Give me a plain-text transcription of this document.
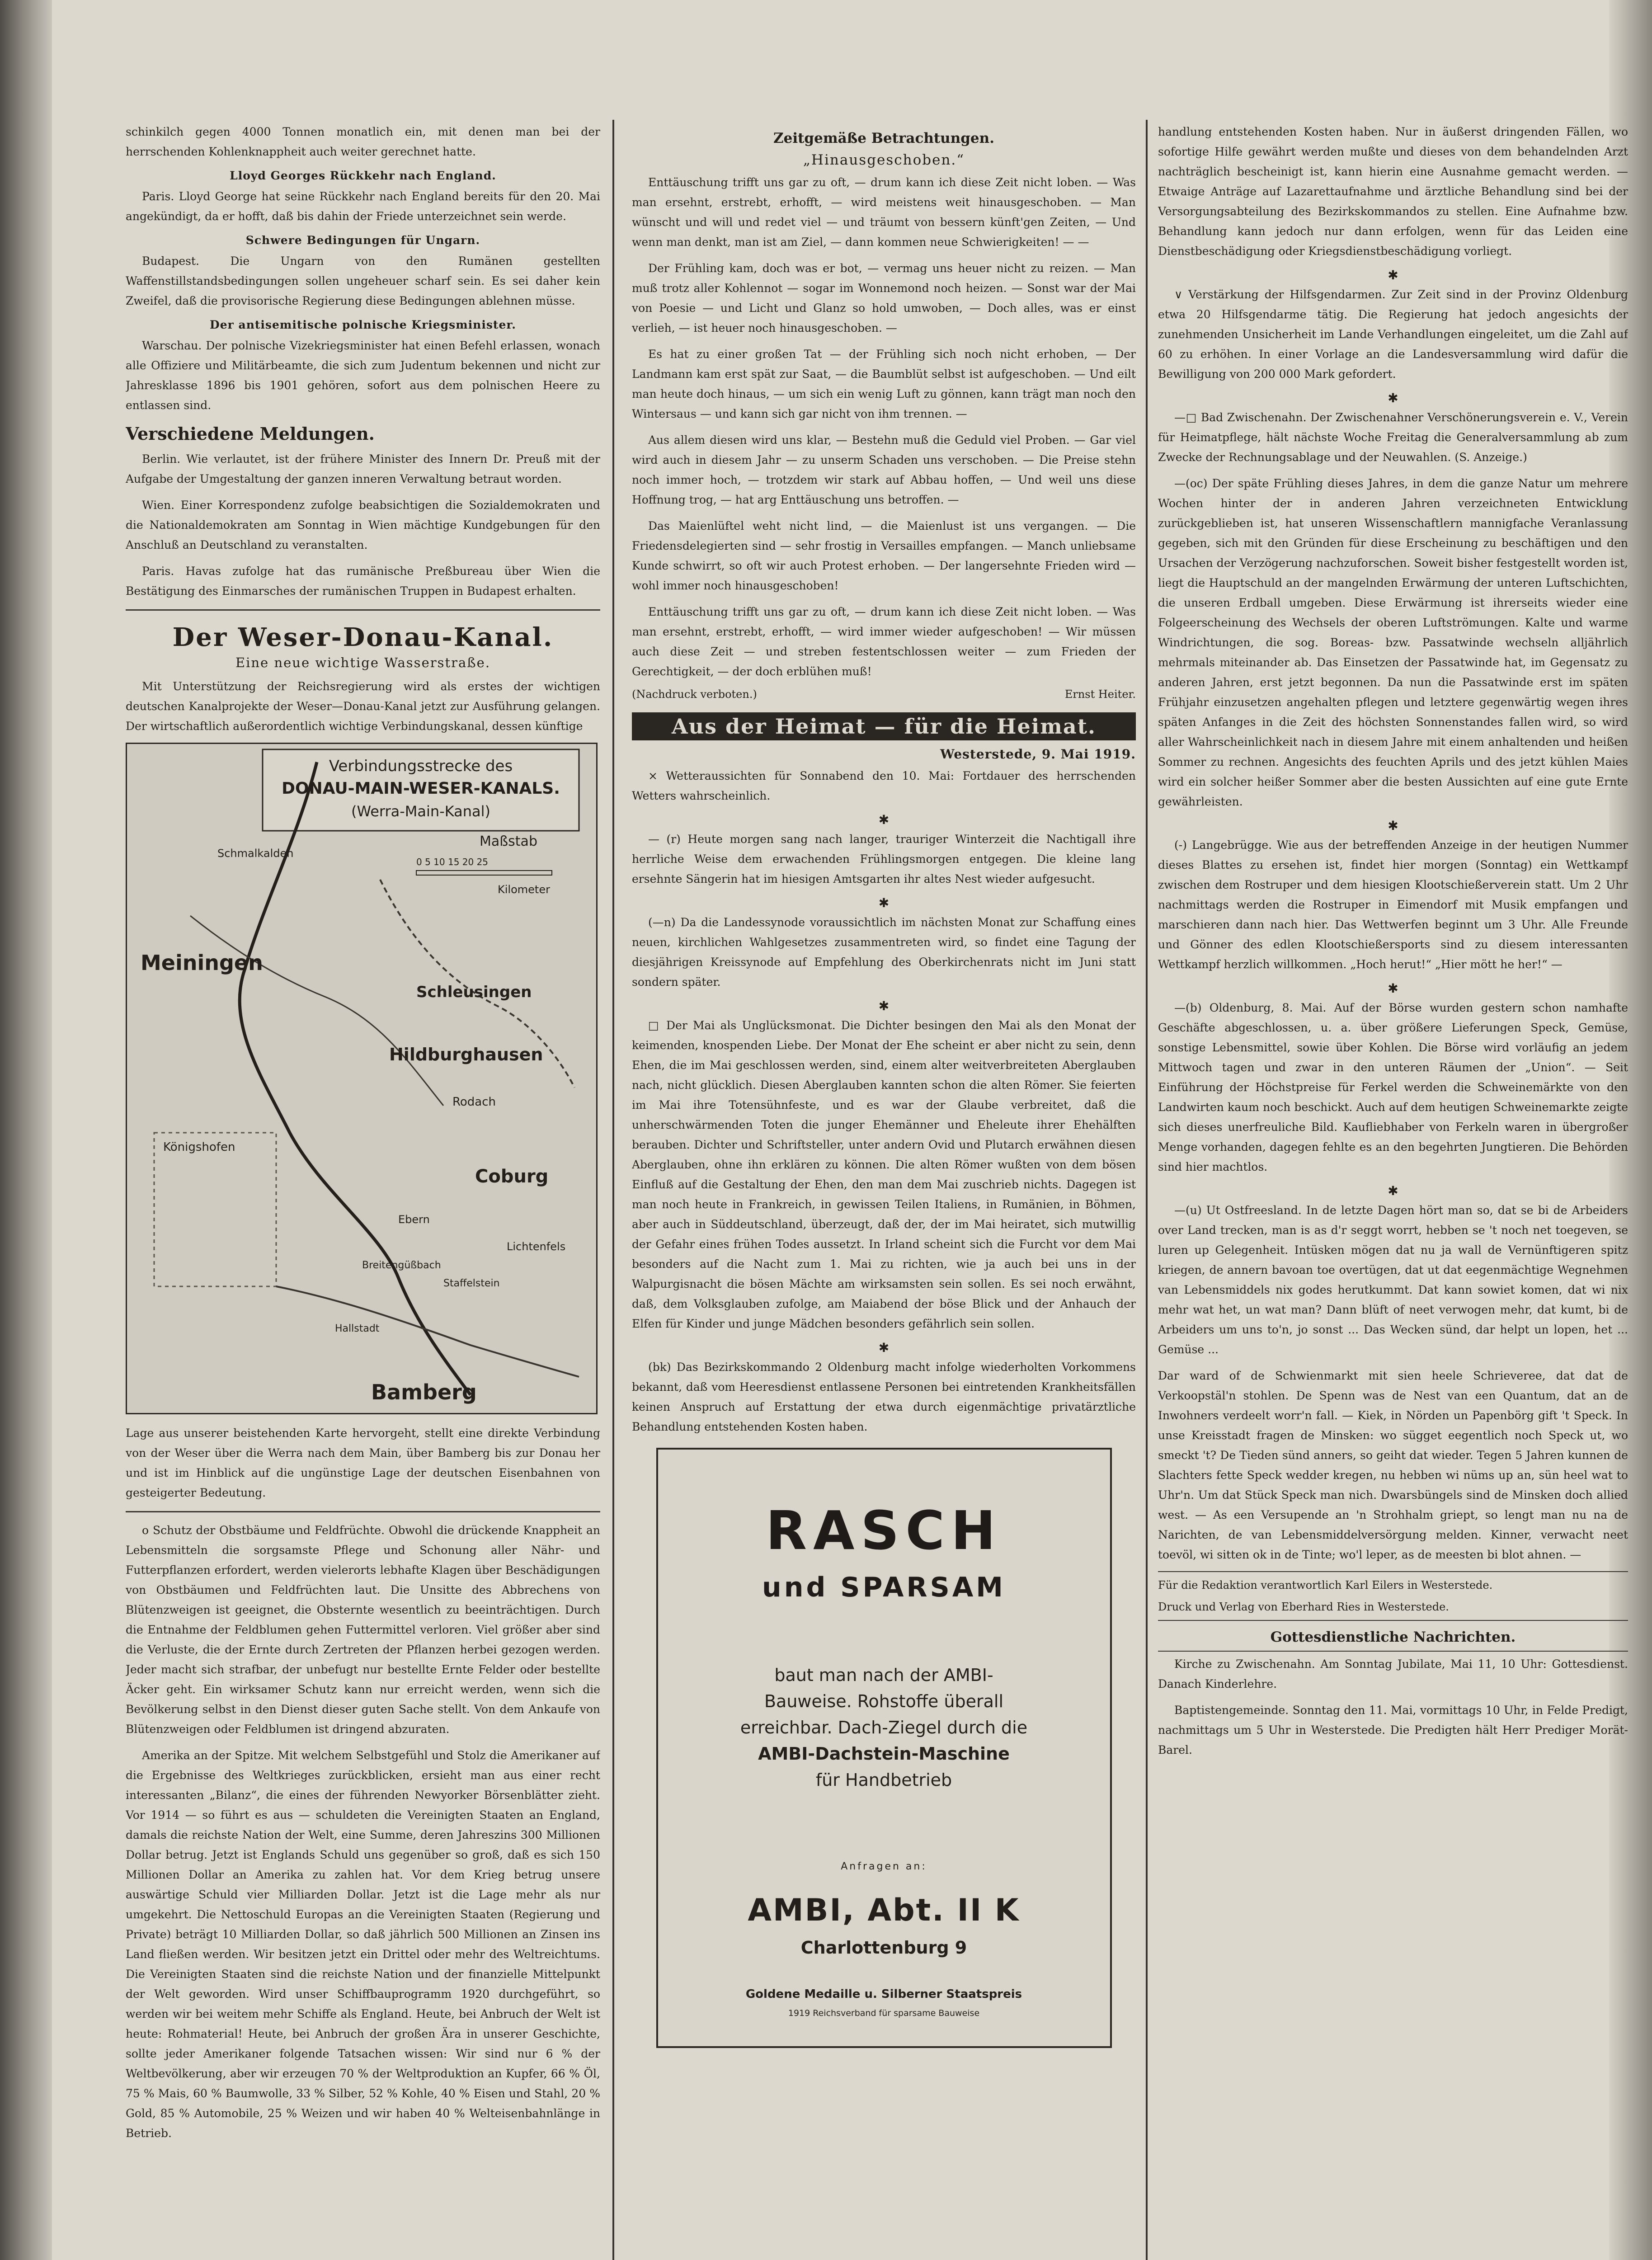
schinkilch gegen 4000 Tonnen monatlich ein, mit denen man bei der herrschenden Kohlenknappheit auch weiter gerechnet hatte.

Lloyd Georges Rückkehr nach England.

Paris. Lloyd George hat seine Rückkehr nach England bereits für den 20. Mai angekündigt, da er hofft, daß bis dahin der Friede unterzeichnet sein werde.

Schwere Bedingungen für Ungarn.

Budapest. Die Ungarn von den Rumänen gestellten Waffenstillstandsbedingungen sollen ungeheuer scharf sein. Es sei daher kein Zweifel, daß die provisorische Regierung diese Bedingungen ablehnen müsse.

Der antisemitische polnische Kriegsminister.

Warschau. Der polnische Vizekriegsminister hat einen Befehl erlassen, wonach alle Offiziere und Militärbeamte, die sich zum Judentum bekennen und nicht zur Jahresklasse 1896 bis 1901 gehören, sofort aus dem polnischen Heere zu entlassen sind.

Verschiedene Meldungen.

Berlin. Wie verlautet, ist der frühere Minister des Innern Dr. Preuß mit der Aufgabe der Umgestaltung der ganzen inneren Verwaltung betraut worden.

Wien. Einer Korrespondenz zufolge beabsichtigen die Sozialdemokraten und die Nationaldemokraten am Sonntag in Wien mächtige Kundgebungen für den Anschluß an Deutschland zu veranstalten.

Paris. Havas zufolge hat das rumänische Preßbureau über Wien die Bestätigung des Einmarsches der rumänischen Truppen in Budapest erhalten.

Der Weser-Donau-Kanal.
Eine neue wichtige Wasserstraße.

Mit Unterstützung der Reichsregierung wird als erstes der wichtigen deutschen Kanalprojekte der Weser—Donau-Kanal jetzt zur Ausführung gelangen. Der wirtschaftlich außerordentlich wichtige Verbindungskanal, dessen künftige

Verbindungsstrecke des
DONAU-MAIN-WESER-KANALS.
(Werra-Main-Kanal)
Maßstab
0 5 10 15 20 25
Schmalkalden
Meiningen
Schleusingen
Hildburghausen
Coburg
Königshofen
Bamberg
Kilometer
Hallstadt
Breitengüßbach
Rodach
Lichtenfels
Staffelstein
Ebern

Lage aus unserer beistehenden Karte hervorgeht, stellt eine direkte Verbindung von der Weser über die Werra nach dem Main, über Bamberg bis zur Donau her und ist im Hinblick auf die ungünstige Lage der deutschen Eisenbahnen von gesteigerter Bedeutung.

o Schutz der Obstbäume und Feldfrüchte. Obwohl die drückende Knappheit an Lebensmitteln die sorgsamste Pflege und Schonung aller Nähr- und Futterpflanzen erfordert, werden vielerorts lebhafte Klagen über Beschädigungen von Obstbäumen und Feldfrüchten laut. Die Unsitte des Abbrechens von Blütenzweigen ist geeignet, die Obsternte wesentlich zu beeinträchtigen. Durch die Entnahme der Feldblumen gehen Futtermittel verloren. Viel größer aber sind die Verluste, die der Ernte durch Zertreten der Pflanzen herbei gezogen werden. Jeder macht sich strafbar, der unbefugt nur bestellte Ernte Felder oder bestellte Äcker geht. Ein wirksamer Schutz kann nur erreicht werden, wenn sich die Bevölkerung selbst in den Dienst dieser guten Sache stellt. Von dem Ankaufe von Blütenzweigen oder Feldblumen ist dringend abzuraten.

Amerika an der Spitze. Mit welchem Selbstgefühl und Stolz die Amerikaner auf die Ergebnisse des Weltkrieges zurückblicken, ersieht man aus einer recht interessanten „Bilanz“, die eines der führenden Newyorker Börsenblätter zieht. Vor 1914 — so führt es aus — schuldeten die Vereinigten Staaten an England, damals die reichste Nation der Welt, eine Summe, deren Jahreszins 300 Millionen Dollar betrug. Jetzt ist Englands Schuld uns gegenüber so groß, daß es sich 150 Millionen Dollar an Amerika zu zahlen hat. Vor dem Krieg betrug unsere auswärtige Schuld vier Milliarden Dollar. Jetzt ist die Lage mehr als nur umgekehrt. Die Nettoschuld Europas an die Vereinigten Staaten (Regierung und Private) beträgt 10 Milliarden Dollar, so daß jährlich 500 Millionen an Zinsen ins Land fließen werden. Wir besitzen jetzt ein Drittel oder mehr des Weltreichtums. Die Vereinigten Staaten sind die reichste Nation und der finanzielle Mittelpunkt der Welt geworden. Wird unser Schiffbauprogramm 1920 durchgeführt, so werden wir bei weitem mehr Schiffe als England. Heute, bei Anbruch der Welt ist heute: Rohmaterial! Heute, bei Anbruch der großen Ära in unserer Geschichte, sollte jeder Amerikaner folgende Tatsachen wissen: Wir sind nur 6 % der Weltbevölkerung, aber wir erzeugen 70 % der Weltproduktion an Kupfer, 66 % Öl, 75 % Mais, 60 % Baumwolle, 33 % Silber, 52 % Kohle, 40 % Eisen und Stahl, 20 % Gold, 85 % Automobile, 25 % Weizen und wir haben 40 % Welteisenbahnlänge in Betrieb.

Zeitgemäße Betrachtungen.
„Hinausgeschoben.“

Enttäuschung trifft uns gar zu oft, — drum kann ich diese Zeit nicht loben. — Was man ersehnt, erstrebt, erhofft, — wird meistens weit hinausgeschoben. — Man wünscht und will und redet viel — und träumt von bessern künft'gen Zeiten, — Und wenn man denkt, man ist am Ziel, — dann kommen neue Schwierigkeiten! — —

Der Frühling kam, doch was er bot, — vermag uns heuer nicht zu reizen. — Man muß trotz aller Kohlennot — sogar im Wonnemond noch heizen. — Sonst war der Mai von Poesie — und Licht und Glanz so hold umwoben, — Doch alles, was er einst verlieh, — ist heuer noch hinausgeschoben. —

Es hat zu einer großen Tat — der Frühling sich noch nicht erhoben, — Der Landmann kam erst spät zur Saat, — die Baumblüt selbst ist aufgeschoben. — Und eilt man heute doch hinaus, — um sich ein wenig Luft zu gönnen, kann trägt man noch den Wintersaus — und kann sich gar nicht von ihm trennen. —

Aus allem diesen wird uns klar, — Bestehn muß die Geduld viel Proben. — Gar viel wird auch in diesem Jahr — zu unserm Schaden uns verschoben. — Die Preise stehn noch immer hoch, — trotzdem wir stark auf Abbau hoffen, — Und weil uns diese Hoffnung trog, — hat arg Enttäuschung uns betroffen. —

Das Maienlüftel weht nicht lind, — die Maienlust ist uns vergangen. — Die Friedensdelegierten sind — sehr frostig in Versailles empfangen. — Manch unliebsame Kunde schwirrt, so oft wir auch Protest erhoben. — Der langersehnte Frieden wird — wohl immer noch hinausgeschoben!

Enttäuschung trifft uns gar zu oft, — drum kann ich diese Zeit nicht loben. — Was man ersehnt, erstrebt, erhofft, — wird immer wieder aufgeschoben! — Wir müssen auch diese Zeit — und streben festentschlossen weiter — zum Frieden der Gerechtigkeit, — der doch erblühen muß!

(Nachdruck verboten.)	Ernst Heiter.
Aus der Heimat — für die Heimat.
Westerstede, 9. Mai 1919.

× Wetteraussichten für Sonnabend den 10. Mai: Fortdauer des herrschenden Wetters wahrscheinlich.

✱

— (r) Heute morgen sang nach langer, trauriger Winterzeit die Nachtigall ihre herrliche Weise dem erwachenden Frühlingsmorgen entgegen. Die kleine lang ersehnte Sängerin hat im hiesigen Amtsgarten ihr altes Nest wieder aufgesucht.

✱

(—n) Da die Landessynode voraussichtlich im nächsten Monat zur Schaffung eines neuen, kirchlichen Wahlgesetzes zusammentreten wird, so findet eine Tagung der diesjährigen Kreissynode auf Empfehlung des Oberkirchenrats nicht im Juni statt sondern später.

✱

□ Der Mai als Unglücksmonat. Die Dichter besingen den Mai als den Monat der keimenden, knospenden Liebe. Der Monat der Ehe scheint er aber nicht zu sein, denn Ehen, die im Mai geschlossen werden, sind, einem alter weitverbreiteten Aberglauben nach, nicht glücklich. Diesen Aberglauben kannten schon die alten Römer. Sie feierten im Mai ihre Totensühnfeste, und es war der Glaube verbreitet, daß die unherschwärmenden Toten die junger Ehemänner und Eheleute ihrer Ehehälften berauben. Dichter und Schriftsteller, unter andern Ovid und Plutarch erwähnen diesen Aberglauben, ohne ihn erklären zu können. Die alten Römer wußten von dem bösen Einfluß auf die Gestaltung der Ehen, den man dem Mai zuschrieb nichts. Dagegen ist man noch heute in Frankreich, in gewissen Teilen Italiens, in Rumänien, in Böhmen, aber auch in Süddeutschland, überzeugt, daß der, der im Mai heiratet, sich mutwillig der Gefahr eines frühen Todes aussetzt. In Irland scheint sich die Furcht vor dem Mai besonders auf die Nacht zum 1. Mai zu richten, wie ja auch bei uns in der Walpurgisnacht die bösen Mächte am wirksamsten sein sollen. Es sei noch erwähnt, daß, dem Volksglauben zufolge, am Maiabend der böse Blick und der Anhauch der Elfen für Kinder und junge Mädchen besonders gefährlich sein sollen.

✱

(bk) Das Bezirkskommando 2 Oldenburg macht infolge wiederholten Vorkommens bekannt, daß vom Heeresdienst entlassene Personen bei eintretenden Krankheitsfällen keinen Anspruch auf Erstattung der etwa durch eigenmächtige privatärztliche Behandlung entstehenden Kosten haben.

RASCH
und SPARSAM
baut man nach der AMBI-
Bauweise. Rohstoffe überall
erreichbar. Dach-Ziegel durch die
AMBI-Dachstein-Maschine
für Handbetrieb
Anfragen an:
AMBI, Abt. II K
Charlottenburg 9
Goldene Medaille u. Silberner Staatspreis
1919 Reichsverband für sparsame Bauweise

handlung entstehenden Kosten haben. Nur in äußerst dringenden Fällen, wo sofortige Hilfe gewährt werden mußte und dieses von dem behandelnden Arzt nachträglich bescheinigt ist, kann hierin eine Ausnahme gemacht werden. — Etwaige Anträge auf Lazarettaufnahme und ärztliche Behandlung sind bei der Versorgungsabteilung des Bezirkskommandos zu stellen. Eine Aufnahme bzw. Behandlung kann jedoch nur dann erfolgen, wenn für das Leiden eine Dienstbeschädigung oder Kriegsdienstbeschädigung vorliegt.

✱

∨ Verstärkung der Hilfsgendarmen. Zur Zeit sind in der Provinz Oldenburg etwa 20 Hilfsgendarme tätig. Die Regierung hat jedoch angesichts der zunehmenden Unsicherheit im Lande Verhandlungen eingeleitet, um die Zahl auf 60 zu erhöhen. In einer Vorlage an die Landesversammlung wird dafür die Bewilligung von 200 000 Mark gefordert.

✱

—□ Bad Zwischenahn. Der Zwischenahner Verschönerungsverein e. V., Verein für Heimatpflege, hält nächste Woche Freitag die Generalversammlung ab zum Zwecke der Rechnungsablage und der Neuwahlen. (S. Anzeige.)

—(oc) Der späte Frühling dieses Jahres, in dem die ganze Natur um mehrere Wochen hinter der in anderen Jahren verzeichneten Entwicklung zurückgeblieben ist, hat unseren Wissenschaftlern mannigfache Veranlassung gegeben, sich mit den Gründen für diese Erscheinung zu beschäftigen und den Ursachen der Verzögerung nachzuforschen. Soweit bisher festgestellt worden ist, liegt die Hauptschuld an der mangelnden Erwärmung der unteren Luftschichten, die unseren Erdball umgeben. Diese Erwärmung ist ihrerseits wieder eine Folgeerscheinung des Wechsels der oberen Luftströmungen. Kalte und warme Windrichtungen, die sog. Boreas- bzw. Passatwinde wechseln alljährlich mehrmals miteinander ab. Das Einsetzen der Passatwinde hat, im Gegensatz zu anderen Jahren, erst jetzt begonnen. Da nun die Passatwinde erst im späten Frühjahr einzusetzen angehalten pflegen und letztere gegenwärtig wegen ihres späten Anfanges in die Zeit des höchsten Sonnenstandes fallen wird, so wird aller Wahrscheinlichkeit nach in diesem Jahre mit einem anhaltenden und heißen Sommer zu rechnen. Angesichts des feuchten Aprils und des jetzt kühlen Maies wird ein solcher heißer Sommer aber die besten Aussichten auf eine gute Ernte gewährleisten.

✱

(-) Langebrügge. Wie aus der betreffenden Anzeige in der heutigen Nummer dieses Blattes zu ersehen ist, findet hier morgen (Sonntag) ein Wettkampf zwischen dem Rostruper und dem hiesigen Klootschießerverein statt. Um 2 Uhr nachmittags werden die Rostruper in Eimendorf mit Musik empfangen und marschieren dann nach hier. Das Wettwerfen beginnt um 3 Uhr. Alle Freunde und Gönner des edlen Klootschießersports sind zu diesem interessanten Wettkampf herzlich willkommen. „Hoch herut!“ „Hier mött he her!“ —

✱

—(b) Oldenburg, 8. Mai. Auf der Börse wurden gestern schon namhafte Geschäfte abgeschlossen, u. a. über größere Lieferungen Speck, Gemüse, sonstige Lebensmittel, sowie über Kohlen. Die Börse wird vorläufig an jedem Mittwoch tagen und zwar in den unteren Räumen der „Union“. — Seit Einführung der Höchstpreise für Ferkel werden die Schweinemärkte von den Landwirten kaum noch beschickt. Auch auf dem heutigen Schweinemarkte zeigte sich dieses unerfreuliche Bild. Kaufliebhaber von Ferkeln waren in übergroßer Menge vorhanden, dagegen fehlte es an den begehrten Jungtieren. Die Behörden sind hier machtlos.

✱

—(u) Ut Ostfreesland. In de letzte Dagen hört man so, dat se bi de Arbeiders over Land trecken, man is as d'r seggt worrt, hebben se 't noch net toegeven, se luren up Gelegenheit. Intüsken mögen dat nu ja wall de Vernünftigeren spitz kriegen, de annern bavoan toe overtügen, dat ut dat eegenmächtige Wegnehmen van Lebensmiddels nix godes herutkummt. Dat kann sowiet komen, dat wi nix mehr wat het, un wat man? Dann blüft of neet verwogen mehr, dat kumt, bi de Arbeiders um uns to'n, jo sonst ... Das Wecken sünd, dar helpt un lopen, het ... Gemüse ...

Dar ward of de Schwienmarkt mit sien heele Schrieveree, dat dat de Verkoopstäl'n stohlen. De Spenn was de Nest van een Quantum, dat an de Inwohners verdeelt worr'n fall. — Kiek, in Nörden un Papenbörg gift 't Speck. In unse Kreisstadt fragen de Minsken: wo sügget eegentlich noch Speck ut, wo smeckt 't? De Tieden sünd anners, so geiht dat wieder. Tegen 5 Jahren kunnen de Slachters fette Speck wedder kregen, nu hebben wi nüms up an, sün heel wat to Uhr'n. Um dat Stück Speck man nich. Dwarsbüngels sind de Minsken doch allied west. — As een Versupende an 'n Strohhalm griept, so lengt man nu na de Narichten, de van Lebensmiddelversörgung melden. Kinner, verwacht neet toevöl, wi sitten ok in de Tinte; wo'l leper, as de meesten bi blot ahnen. —

Für die Redaktion verantwortlich Karl Eilers in Westerstede.
Druck und Verlag von Eberhard Ries in Westerstede.
Gottesdienstliche Nachrichten.

Kirche zu Zwischenahn. Am Sonntag Jubilate, Mai 11, 10 Uhr: Gottesdienst. Danach Kinderlehre.

Baptistengemeinde. Sonntag den 11. Mai, vormittags 10 Uhr, in Felde Predigt, nachmittags um 5 Uhr in Westerstede. Die Predigten hält Herr Prediger Morät-Barel.
